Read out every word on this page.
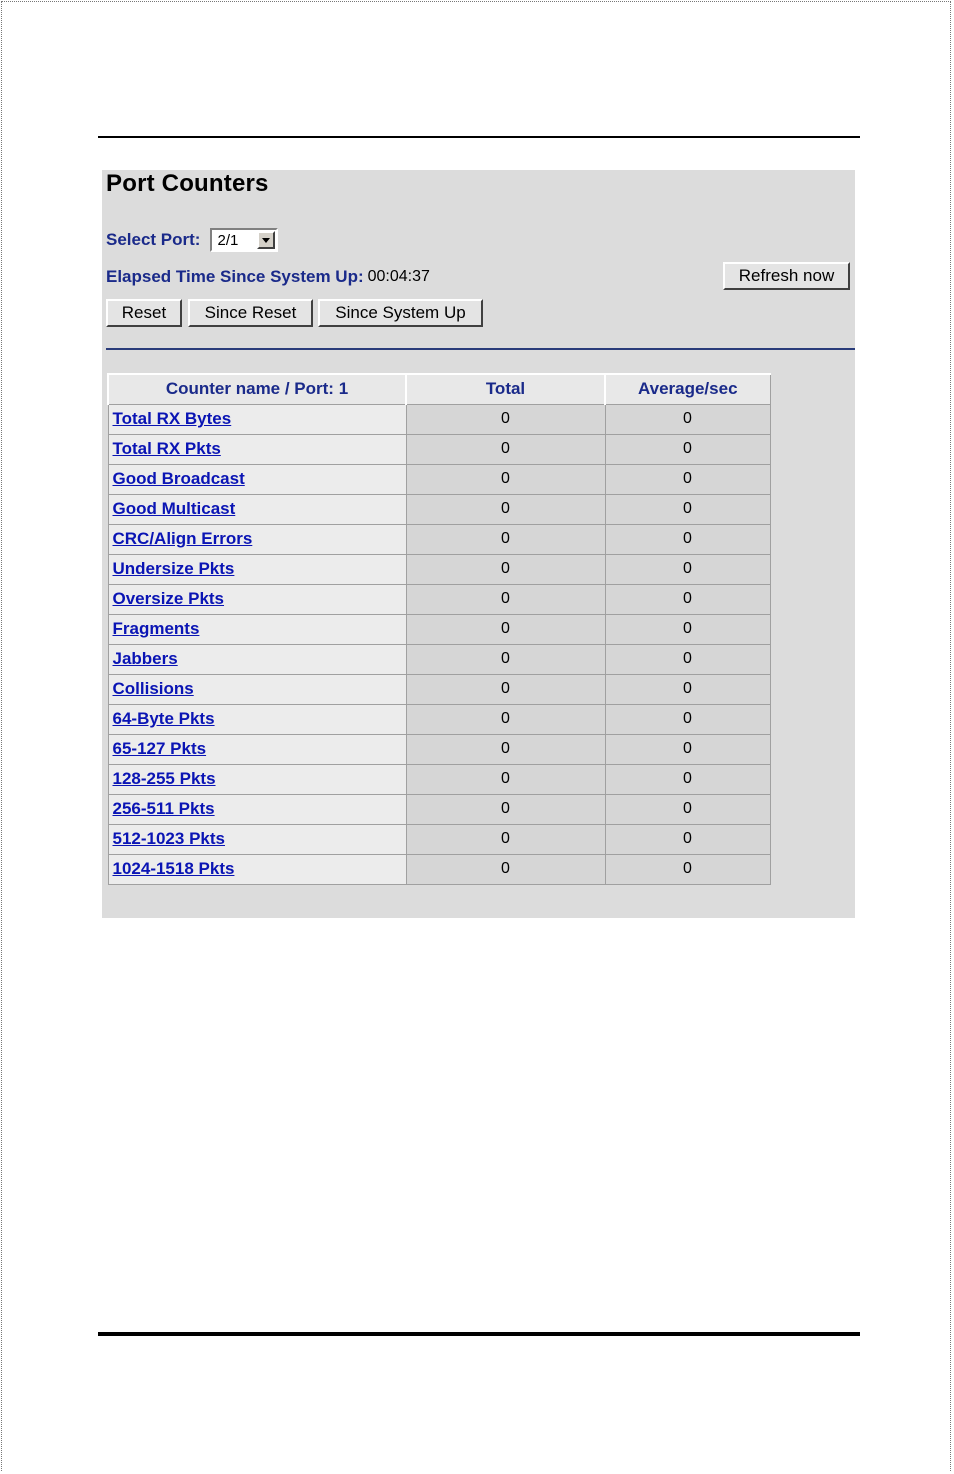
Port Counters
Select Port: 2/1
Elapsed Time Since System Up: 00:04:37	Refresh now
Reset	Since Reset	Since System Up
Counter name / Port: 1	Total	Average/sec
Total RX Bytes	0	0
Total RX Pkts	0	0
Good Broadcast	0	0
Good Multicast	0	0
CRC/Align Errors	0	0
Undersize Pkts	0	0
Oversize Pkts	0	0
Fragments	0	0
Jabbers	0	0
Collisions	0	0
64-Byte Pkts	0	0
65-127 Pkts	0	0
128-255 Pkts	0	0
256-511 Pkts	0	0
512-1023 Pkts	0	0
1024-1518 Pkts	0	0
